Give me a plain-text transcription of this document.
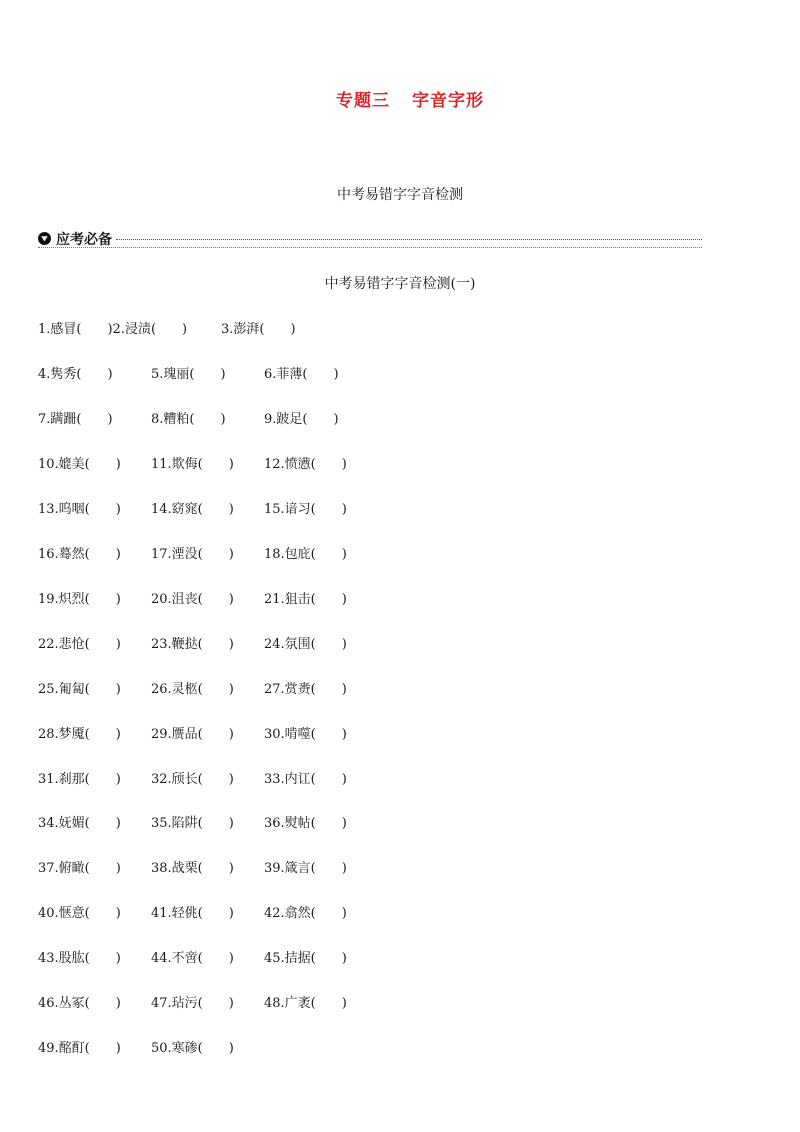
专题三 字音字形
中考易错字字音检测
应考必备
中考易错字字音检测(一)
1.感冒(　　)2.浸渍(　　)	3.澎湃(　　)
4.隽秀(　　)	5.瑰丽(　　)	6.菲薄(　　)
7.蹒跚(　　)	8.糟粕(　　)	9.跛足(　　)
10.媲美(　　) 11.欺侮(　　) 12.愤懑(　　)
13.呜咽(　　) 14.窈窕(　　) 15.谙习(　　)
16.蓦然(　　) 17.湮没(　　) 18.包庇(　　)
19.炽烈(　　) 20.沮丧(　　) 21.狙击(　　)
22.悲怆(　　) 23.鞭挞(　　) 24.氛围(　　)
25.匍匐(　　) 26.灵柩(　　) 27.赏赉(　　)
28.梦魇(　　) 29.赝品(　　) 30.啃噬(　　)
31.刹那(　　) 32.颀长(　　) 33.内讧(　　)
34.妩媚(　　) 35.陷阱(　　) 36.熨帖(　　)
37.俯瞰(　　) 38.战栗(　　) 39.箴言(　　)
40.惬意(　　) 41.轻佻(　　) 42.翕然(　　)
43.股肱(　　) 44.不啻(　　) 45.拮据(　　)
46.丛冢(　　) 47.玷污(　　) 48.广袤(　　)
49.酩酊(　　) 50.寒碜(　　)
